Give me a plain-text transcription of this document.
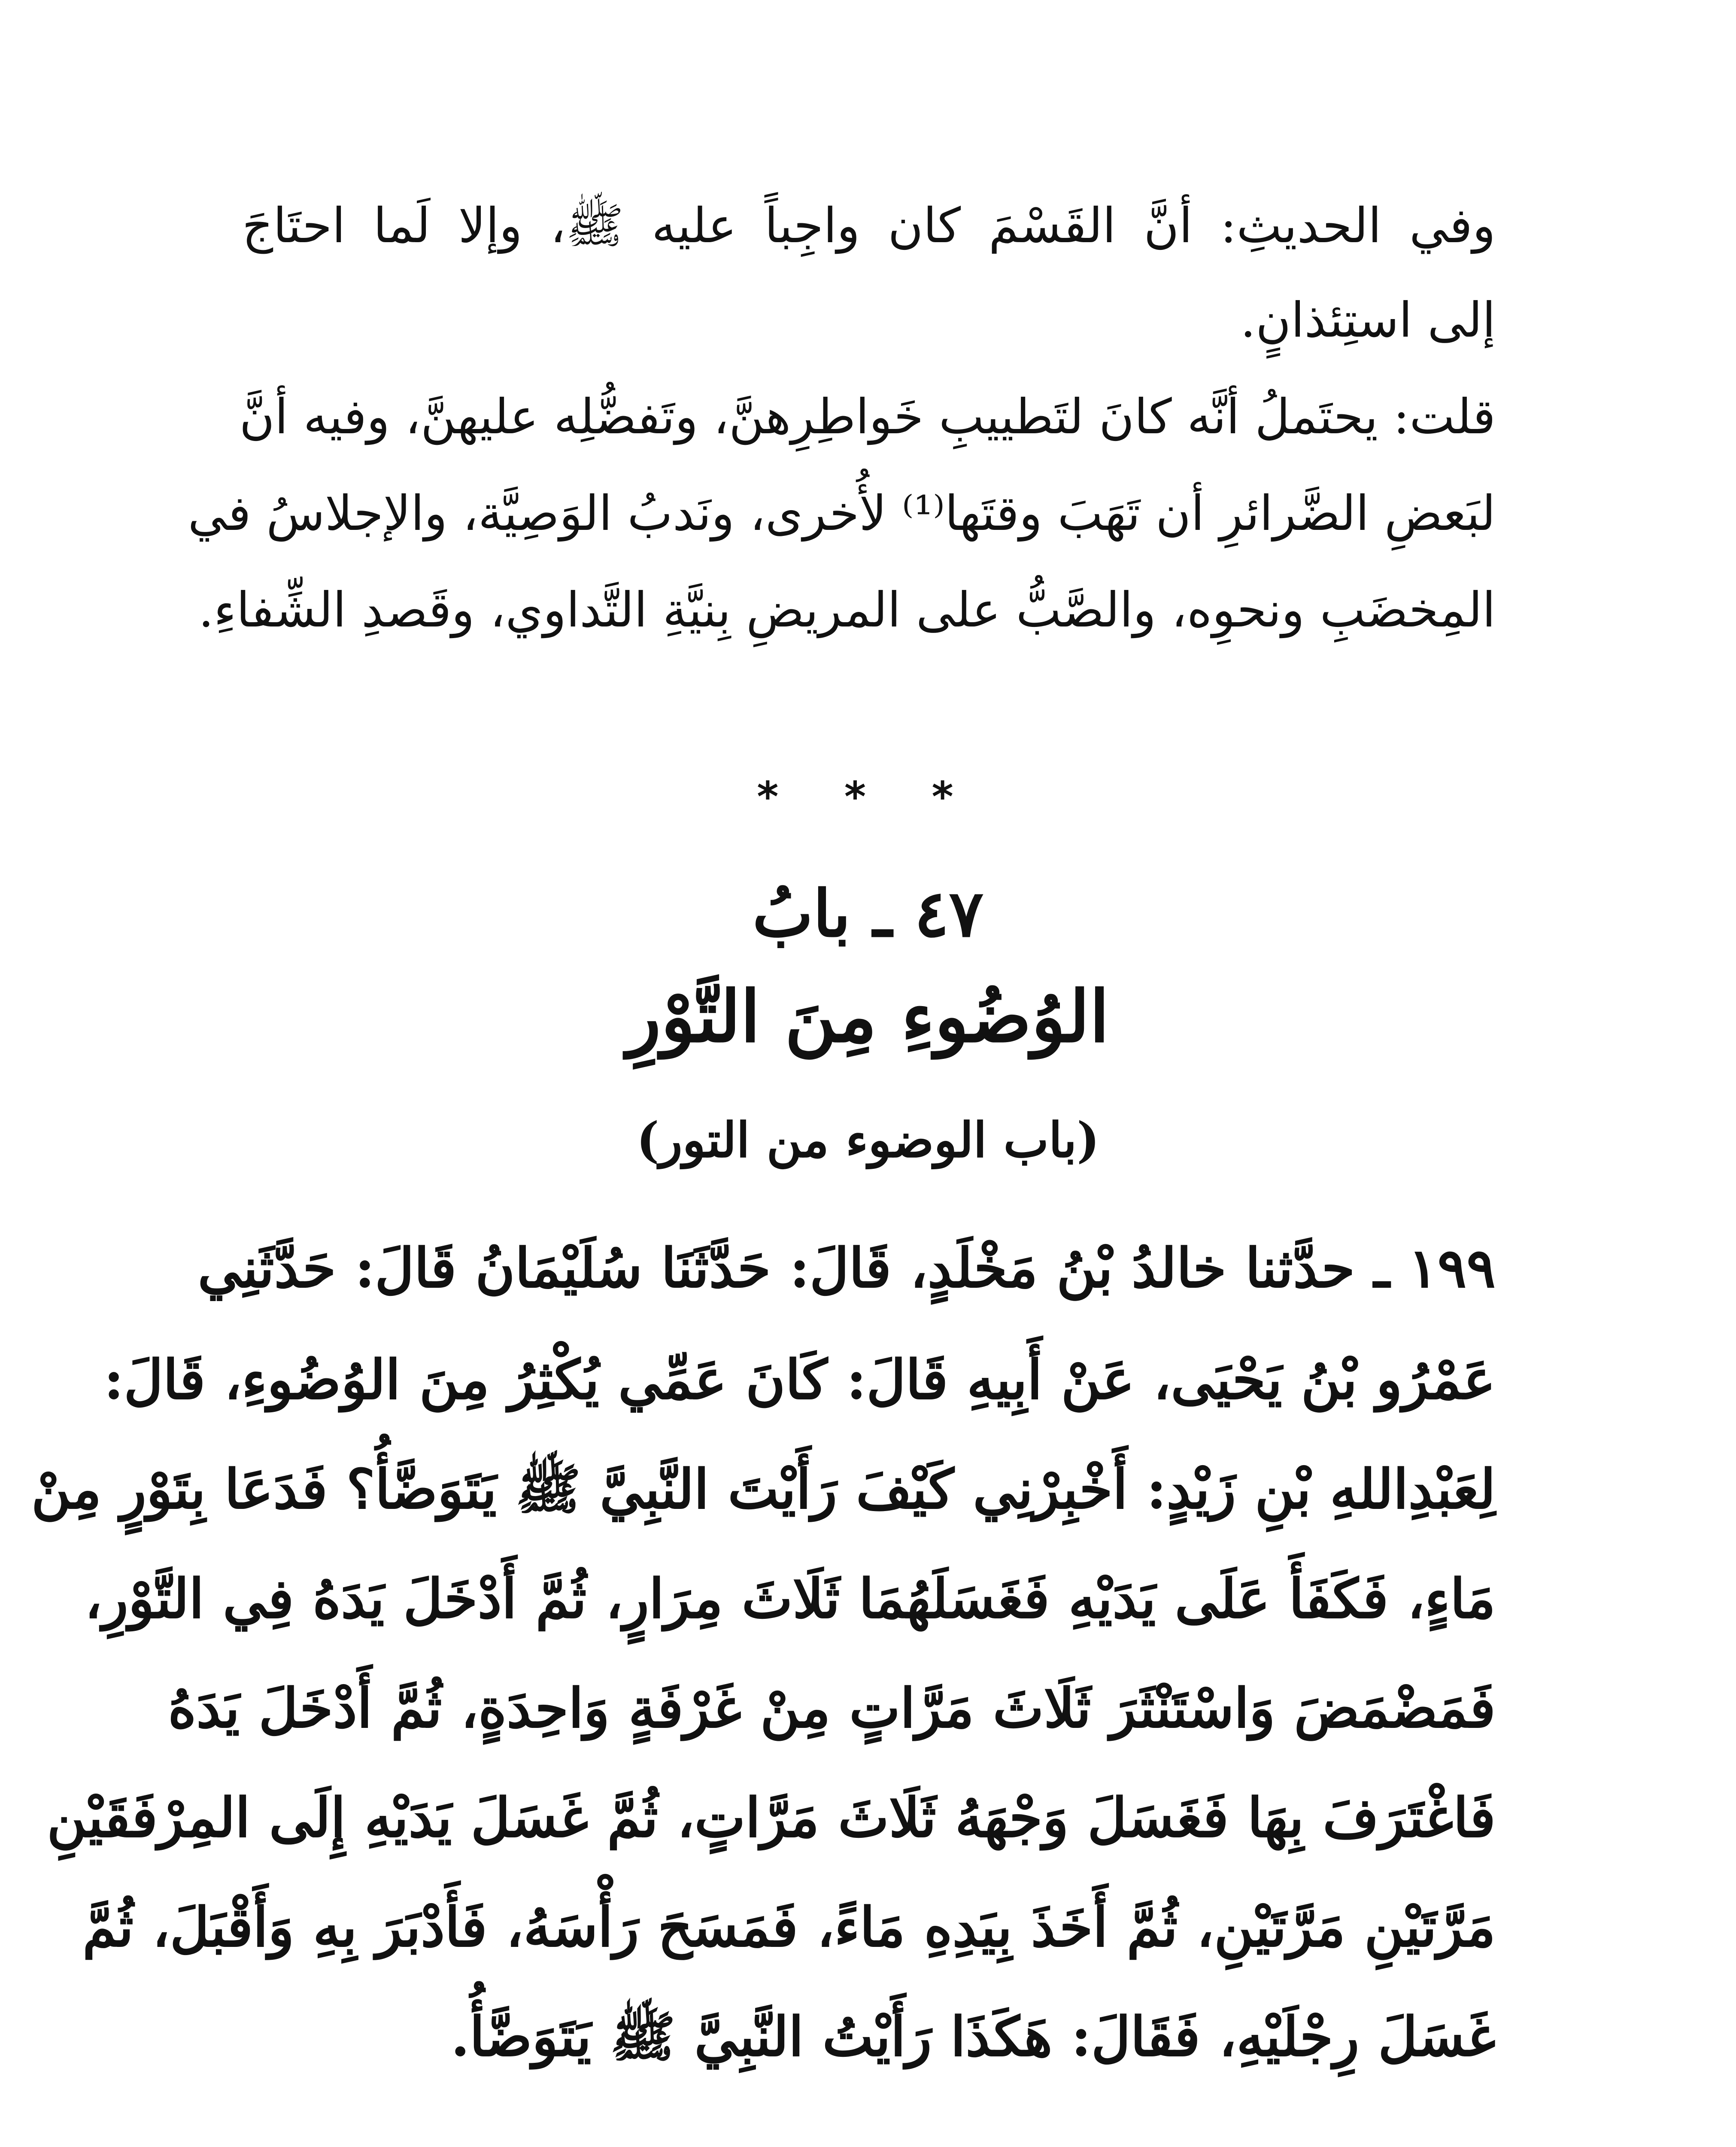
وفي الحديثِ: أنَّ القَسْمَ كان واجِباً عليه ﷺ، وإلا لَما احتَاجَ
إلى استِئذانٍ.
قلت: يحتَملُ أنَّه كانَ لتَطييبِ خَواطِرِهنَّ، وتَفضُّلِه عليهنَّ، وفيه أنَّ
لبَعضِ الضَّرائرِ أن تَهَبَ وقتَها⁽¹⁾ لأُخرى، ونَدبُ الوَصِيَّة، والإجلاسُ في
المِخضَبِ ونحوِه، والصَّبُّ على المريضِ بِنيَّةِ التَّداوي، وقَصدِ الشِّفاءِ.
* * *
٤٧ ـ بابُ
الوُضُوءِ مِنَ التَّوْرِ
(باب الوضوء من التور)
١٩٩ ـ حدَّثنا خالدُ بْنُ مَخْلَدٍ، قَالَ: حَدَّثَنَا سُلَيْمَانُ قَالَ: حَدَّثَنِي
عَمْرُو بْنُ يَحْيَى، عَنْ أَبِيهِ قَالَ: كَانَ عَمِّي يُكْثِرُ مِنَ الوُضُوءِ، قَالَ:
لِعَبْدِاللهِ بْنِ زَيْدٍ: أَخْبِرْنِي كَيْفَ رَأَيْتَ النَّبِيَّ ﷺ يَتَوَضَّأُ؟ فَدَعَا بِتَوْرٍ مِنْ
مَاءٍ، فَكَفَأَ عَلَى يَدَيْهِ فَغَسَلَهُمَا ثَلَاثَ مِرَارٍ، ثُمَّ أَدْخَلَ يَدَهُ فِي التَّوْرِ،
فَمَضْمَضَ وَاسْتَنْثَرَ ثَلَاثَ مَرَّاتٍ مِنْ غَرْفَةٍ وَاحِدَةٍ، ثُمَّ أَدْخَلَ يَدَهُ
فَاغْتَرَفَ بِهَا فَغَسَلَ وَجْهَهُ ثَلَاثَ مَرَّاتٍ، ثُمَّ غَسَلَ يَدَيْهِ إِلَى المِرْفَقَيْنِ
مَرَّتَيْنِ مَرَّتَيْنِ، ثُمَّ أَخَذَ بِيَدِهِ مَاءً، فَمَسَحَ رَأْسَهُ، فَأَدْبَرَ بِهِ وَأَقْبَلَ، ثُمَّ
غَسَلَ رِجْلَيْهِ، فَقَالَ: هَكَذَا رَأَيْتُ النَّبِيَّ ﷺ يَتَوَضَّأُ.
